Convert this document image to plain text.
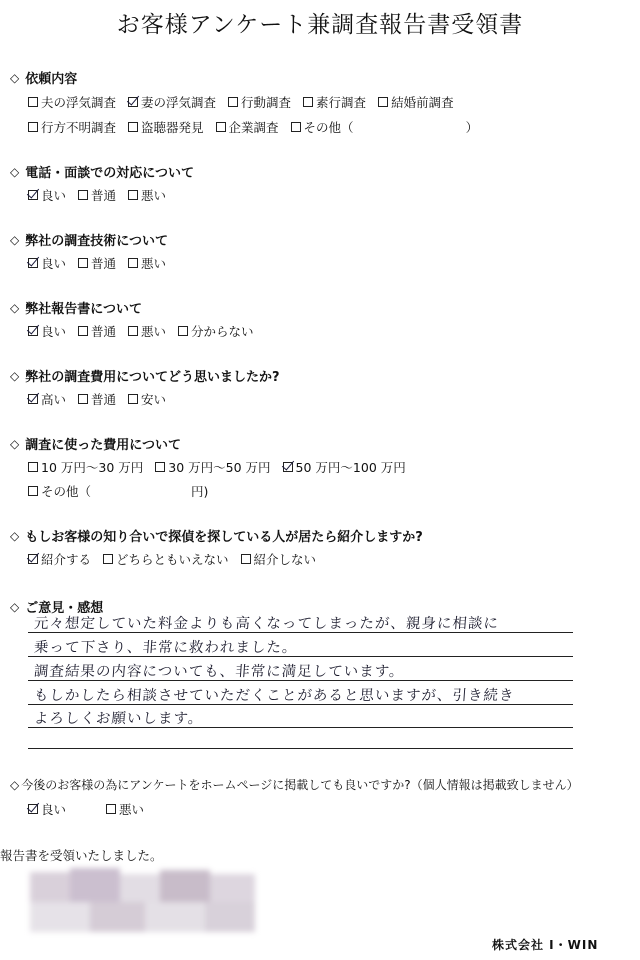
お客様アンケート兼調査報告書受領書
◇ 依頼内容
夫の浮気調査 妻の浮気調査 行動調査 素行調査 結婚前調査
行方不明調査 盗聴器発見 企業調査 その他（	）
◇ 電話・面談での対応について
良い 普通 悪い
◇ 弊社の調査技術について
良い 普通 悪い
◇ 弊社報告書について
良い 普通 悪い 分からない
◇ 弊社の調査費用についてどう思いましたか?
高い 普通 安い
◇ 調査に使った費用について
10 万円〜30 万円 30 万円〜50 万円 50 万円〜100 万円
その他（	円)
◇ もしお客様の知り合いで探偵を探している人が居たら紹介しますか?
紹介する どちらともいえない 紹介しない
◇ ご意見・感想
元々想定していた料金よりも高くなってしまったが、親身に相談に
乗って下さり、非常に救われました。
調査結果の内容についても、非常に満足しています。
もしかしたら相談させていただくことがあると思いますが、引き続き
よろしくお願いします。
◇ 今後のお客様の為にアンケートをホームページに掲載しても良いですか?（個人情報は掲載致しません）
良い	悪い
報告書を受領いたしました。
株式会社 I・WIN
